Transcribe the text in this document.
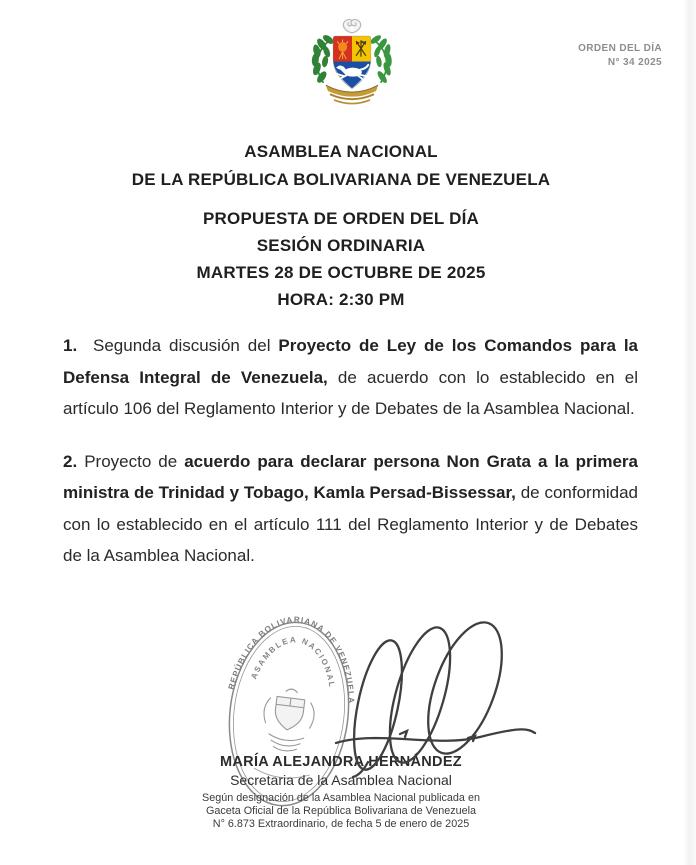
ORDEN DEL DÍA
N° 34 2025
ASAMBLEA NACIONAL
DE LA REPÚBLICA BOLIVARIANA DE VENEZUELA
PROPUESTA DE ORDEN DEL DÍA
SESIÓN ORDINARIA
MARTES 28 DE OCTUBRE DE 2025
HORA: 2:30 PM

1.  Segunda discusión del Proyecto de Ley de los Comandos para la Defensa Integral de Venezuela, de acuerdo con lo establecido en el artículo 106 del Reglamento Interior y de Debates de la Asamblea Nacional.

2. Proyecto de acuerdo para declarar persona Non Grata a la primera ministra de Trinidad y Tobago, Kamla Persad-Bissessar, de conformidad con lo establecido en el artículo 111 del Reglamento Interior y de Debates de la Asamblea Nacional.

REPÚBLICA BOLIVARIANA DE VENEZUELA
ASAMBLEA NACIONAL
MARÍA ALEJANDRA HERNÁNDEZ
Secretaria de la Asamblea Nacional
Según designación de la Asamblea Nacional publicada en
Gaceta Oficial de la República Bolivariana de Venezuela
N° 6.873 Extraordinario, de fecha 5 de enero de 2025
